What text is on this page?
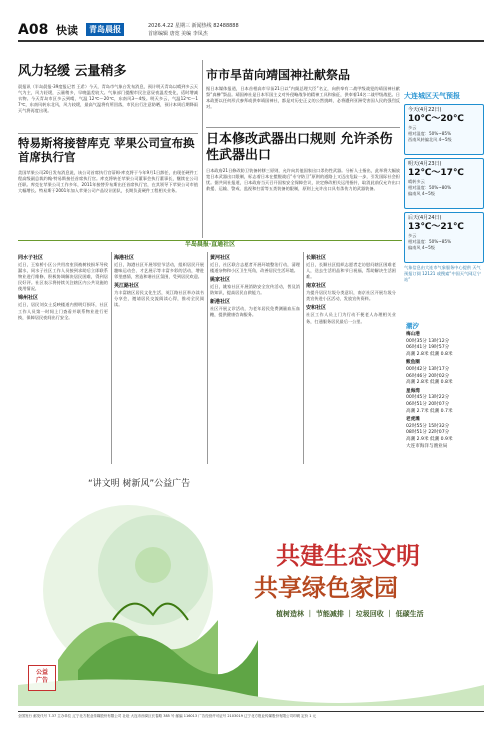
A08 快读	青岛晨报	2026.4.22 星期三 新闻热线 82488888
首席编辑 唐宽 美编 李凤杰
风力轻缓 云量稍多
晨报讯（半岛晨报-39度报记者 王希）今天，青岛市气象台发布消息，预计明天青岛以晴到多云天气为主，风力轻缓，云量稍多，早晚温差较大。气象部门提醒市民注意昼夜温差变化，适时增减衣物。今天青岛市区多云到晴，气温 12℃～20℃，东南风3～4级。明天多云，气温12℃～17℃，东南风转东北风，风力较缓，最高气温将有所回落，市民出行注意防晒，预计本周后期降雨天气将再度出现。
特易斯将接替库克 苹果公司宣布换首席执行官
美国苹果公司20日发布消息说，该公司首席执行官蒂姆·库克将于今年9月1日卸任，由现任硬件工程高级副总裁约翰·特易斯接任首席执行官。库克将转任苹果公司董事会执行董事长，继续在公司任职。库克在苹果公司工作多年，2011年接替乔布斯出任首席执行官，在其领导下苹果公司市值大幅增长。特易斯于2001年加入苹果公司产品设计团队，长期负责硬件工程相关业务。
市市旱苗向靖国神社献祭品
据日本媒体报道，日本首相高市早苗21日以“内阁总理大臣”名义，向供奉有二战甲级战犯的靖国神社献祭“真榊”祭品。靖国神社是日本军国主义对外侵略战争的精神工具和象征，供奉着14名二战甲级战犯。日本政要以任何形式参拜或供奉靖国神社，都是对历史正义的公然挑衅，必将遭到亚洲受害国人民的强烈反对。
日本修改武器出口规则 允许杀伤性武器出口
日本政府21日修改防卫装备转移三原则，允许向其他国家出口杀伤性武器。分析人士指出，此举将大幅放宽日本武器出口限制，标志着日本在摆脱战后“专守防卫”原则的道路上又迈出危险一步，引发国际社会担忧。据共同社报道，日本政府当天召开国家安全保障会议，决定修改相关运用指针，取消此前仅允许出口救援、运输、警戒、监视和扫雷等五类装备的限制，原则上允许出口具有杀伤力的武器装备。
大连城区天气预报
今天(4月22日)
10℃～20℃
多云
相对湿度：50%~85%
西南风转偏北风 4~5级
明天(4月23日)
12℃～17℃
晴转多云
相对湿度：50%~80%
偏南风 4~5级
后天(4月24日)
13℃～21℃
多云
相对湿度：50%~85%
偏南风 4~5级
气象信息由大连市气象服务中心提供 天气预报订阅 12121 或搜索“中国天气网辽宁站”
潮汐
梅山港
00时35分 13时12分
06时41分 19时57分
高潮 2.8米 低潮 0.8米
鲅鱼圈
00时42分 13时17分
06时46分 20时02分
高潮 2.8米 低潮 0.8米
星海湾
00时45分 13时22分
06时51分 20时07分
高潮 2.7米 低潮 0.7米
老虎滩
02时55分 15时32分
08时51分 22时07分
高潮 2.9米 低潮 0.9米
大连市海洋与渔业局
半岛晨报·直通社区
同水子社区
近日，王家桥小区公共用房室顶被树枝损坏导致漏水，同水子社区工作人员接到求助后立即联系物业进行维修，积极协调解决居民困难，得到居民好评。社区表示将持续关注辖区内公共设施的使用情况。
锦州社区
近日，居民刘女士反映楼道内照明灯损坏，社区工作人员第一时间上门查看并联系物业进行更换，保障居民夜间出行安全。
海港社区
近日，海港社区开展邻里节活动，组织居民开展趣味运动会、才艺展示等丰富多彩的活动，增进邻里感情，营造和谐社区氛围，受到居民欢迎。
英江路社区
为丰富辖区居民文化生活，英江路社区举办读书分享会，邀请居民交流阅读心得，推动全民阅读。
黄河社区
近日，社区联合志愿者开展环境整治行动，清理楼道杂物和小区卫生死角，改善居民生活环境。
姚家社区
近日，姚家社区开展消防安全宣传活动，普及消防知识，提高居民自救能力。
新港社区
社区开展义诊活动，为老年居民免费测量血压血糖，提供健康咨询服务。
长顺社区
近日，长顺社区组织志愿者走访慰问辖区困难老人，送去生活用品和节日祝福，帮助解决生活困难。
南京社区
为提升居民垃圾分类意识，南京社区开展垃圾分类宣传进小区活动，发放宣传资料。
安和社区
社区工作人员上门为行动不便老人办理相关业务，打通服务居民最后一公里。
“讲文明 树新风”公益广告
共建生态文明
共享绿色家园
植树造林 ｜ 节能减排 ｜ 垃圾回收 ｜ 低碳生活
公益
广告
全国发行 邮发代号 7-37 主办单位 辽宁北方报业传媒股份有限公司 社址 大连市西岗区长春路 385 号 邮编 116013 广告经营许可证号 2103019 辽宁北方报业传媒股份有限公司印刷 定价 1 元
